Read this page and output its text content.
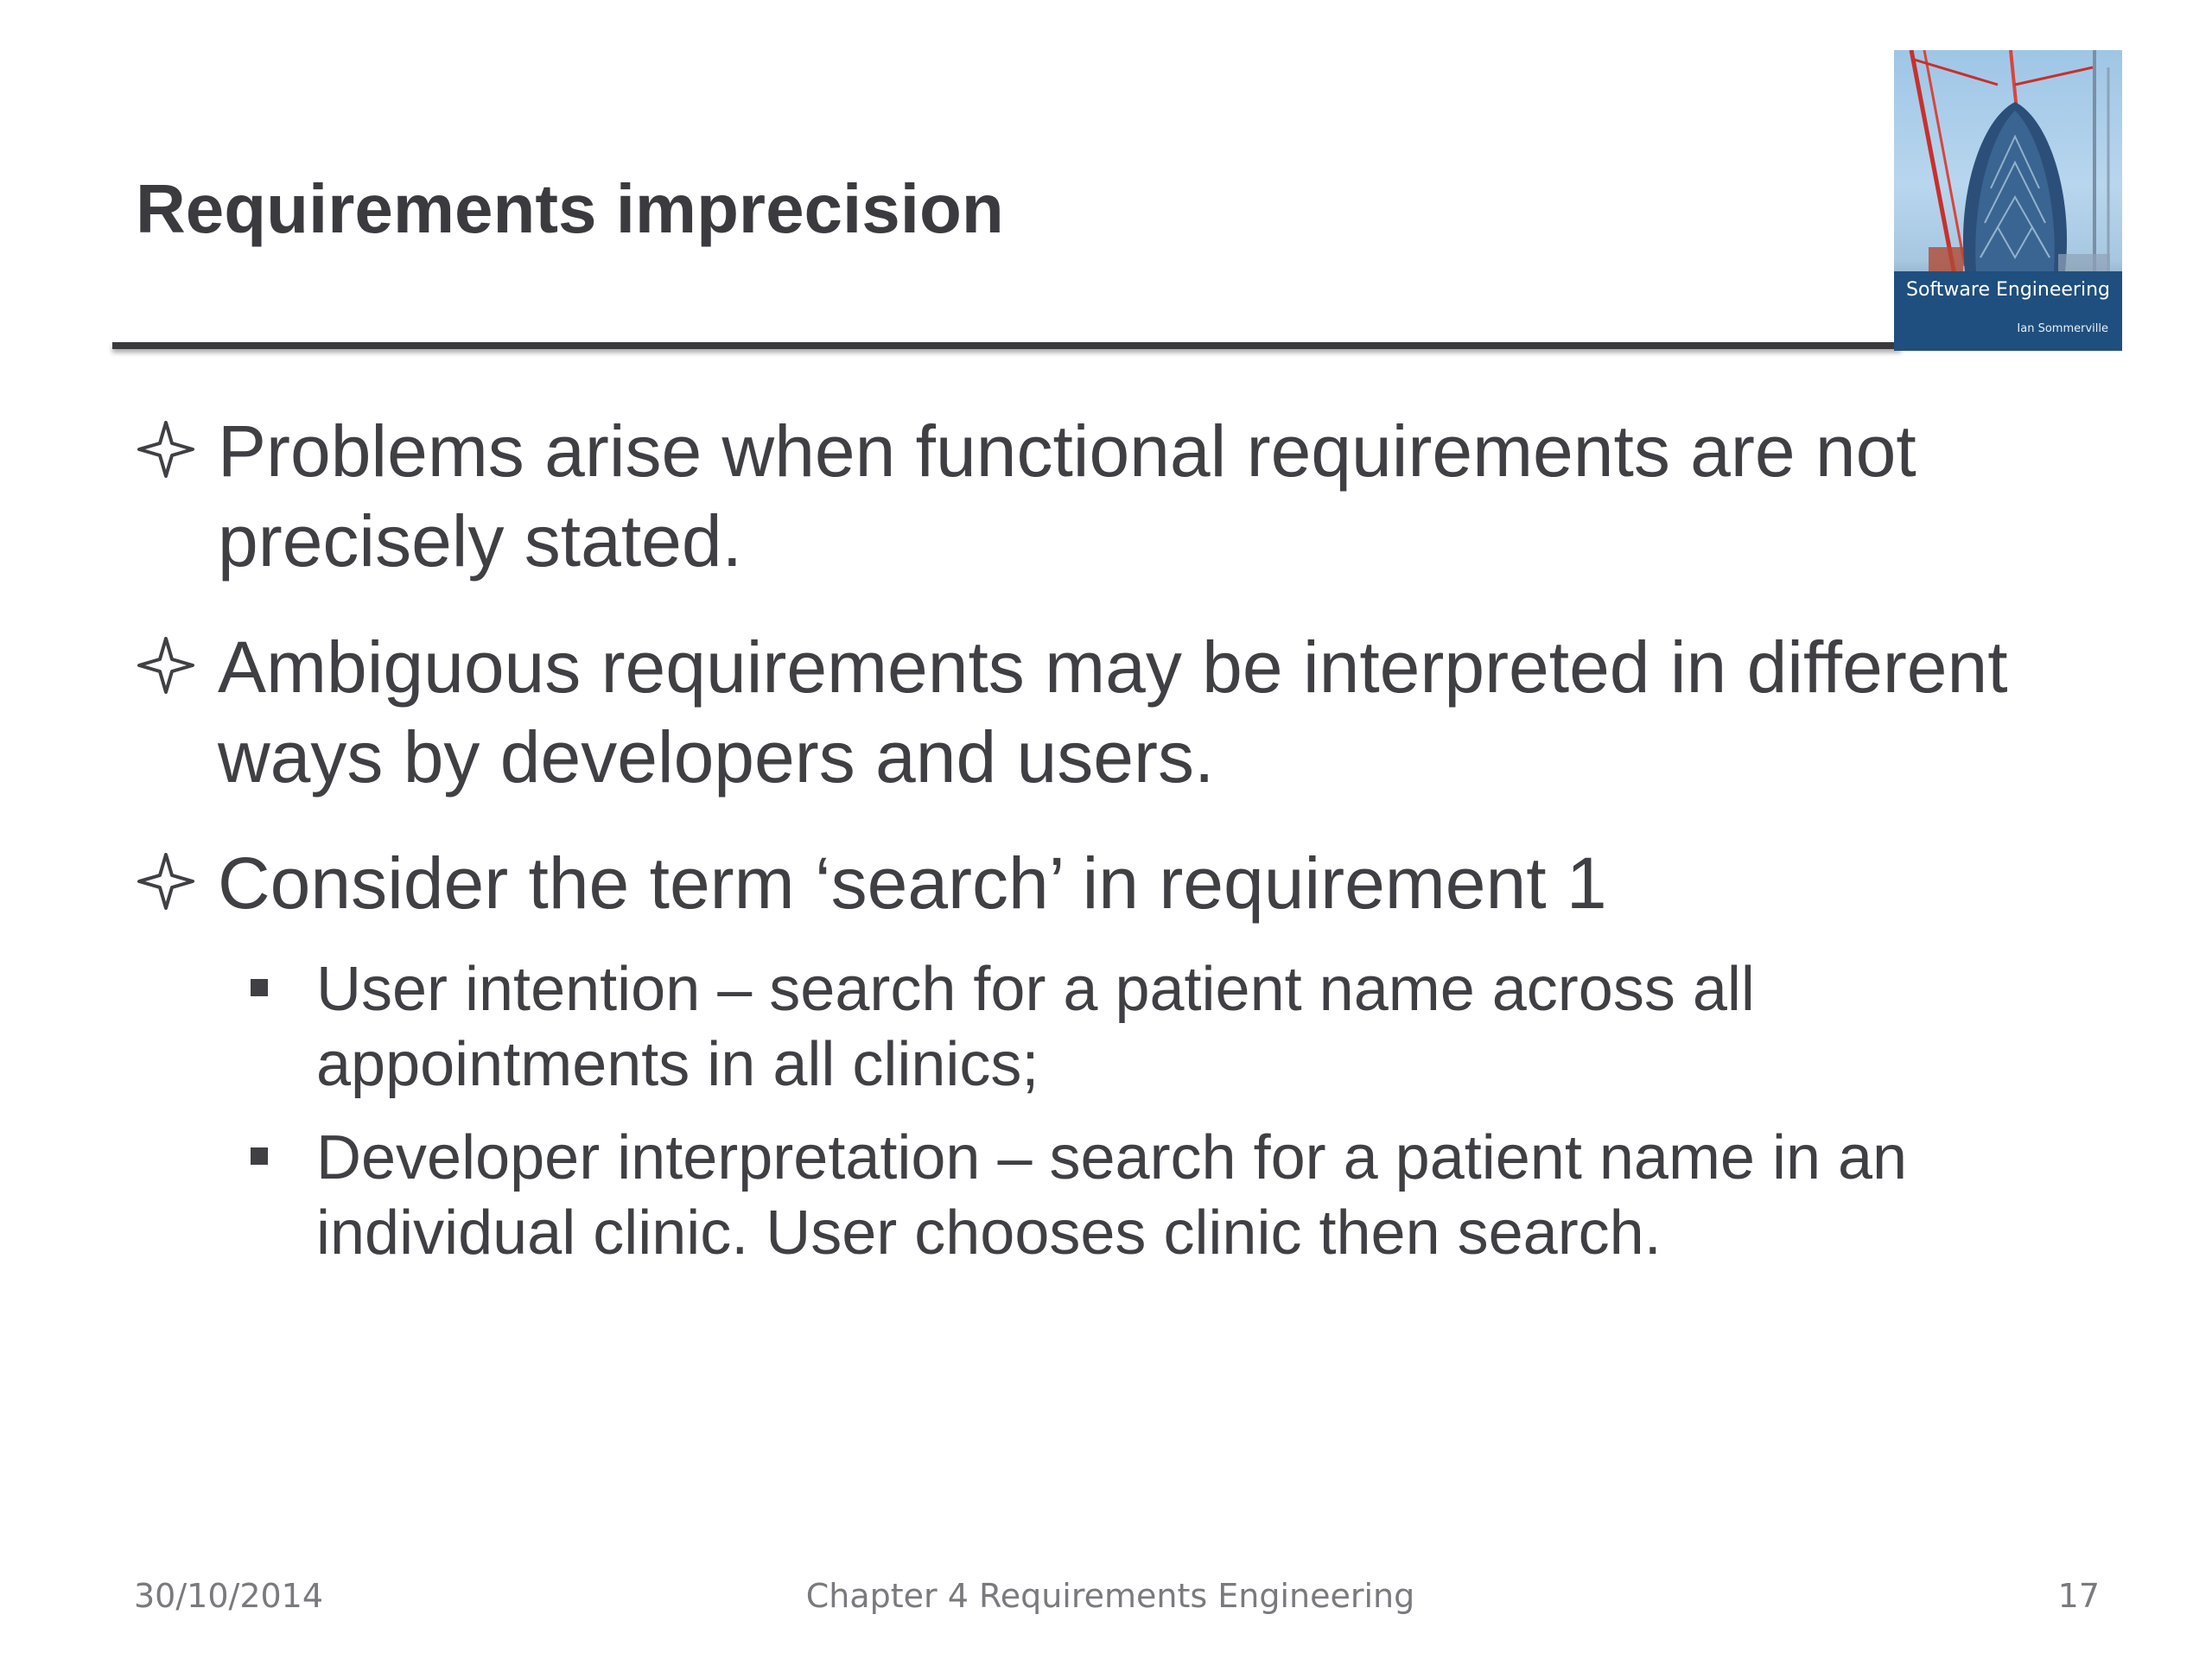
Requirements imprecision
Software Engineering
Ian Sommerville

Problems arise when functional requirements are not precisely stated.

Ambiguous requirements may be interpreted in different ways by developers and users.

Consider the term ‘search’ in requirement 1

User intention – search for a patient name across all appointments in all clinics;

Developer interpretation – search for a patient name in an individual clinic. User chooses clinic then search.

30/10/2014	Chapter 4 Requirements Engineering	17
